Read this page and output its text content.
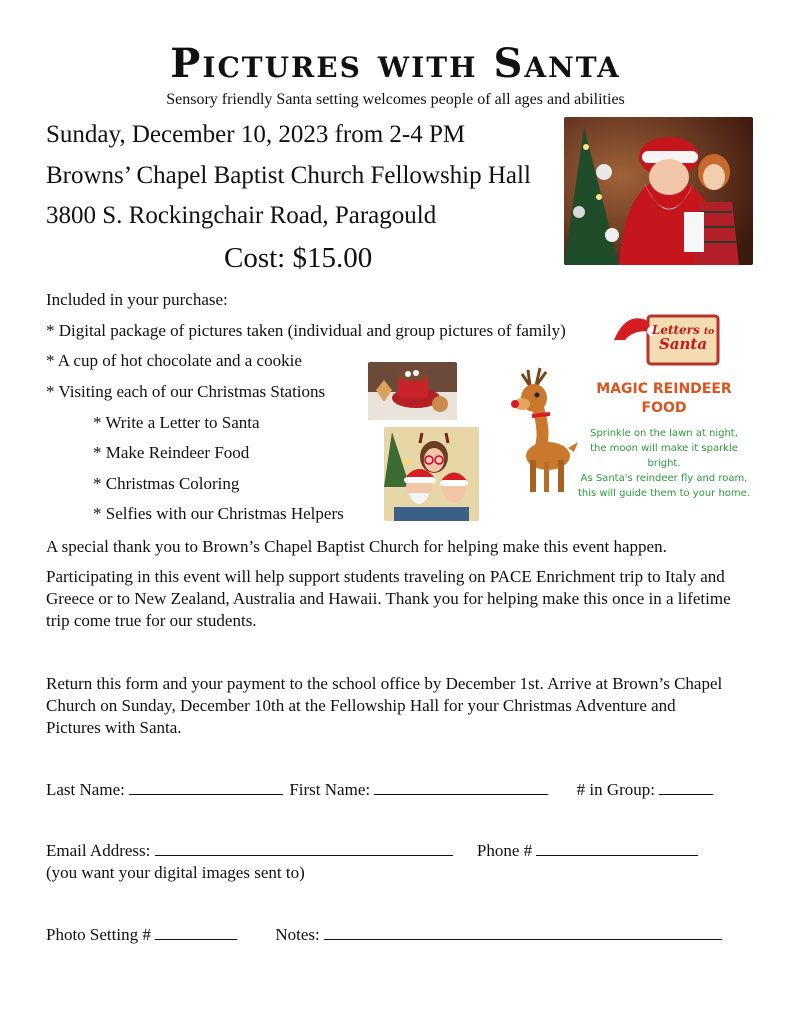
Pictures with Santa
Sensory friendly Santa setting welcomes people of all ages and abilities
Sunday, December 10, 2023 from 2-4 PM
Browns’ Chapel Baptist Church Fellowship Hall
3800 S. Rockingchair Road, Paragould
Cost: $15.00
Included in your purchase:
* Digital package of pictures taken (individual and group pictures of family)
* A cup of hot chocolate and a cookie
* Visiting each of our Christmas Stations
* Write a Letter to Santa
* Make Reindeer Food
* Christmas Coloring
* Selfies with our Christmas Helpers
Letters to
Santa
MAGIC REINDEER
FOOD
Sprinkle on the lawn at night,
the moon will make it sparkle bright.
As Santa's reindeer fly and roam,
this will guide them to your home.
A special thank you to Brown’s Chapel Baptist Church for helping make this event happen.
Participating in this event will help support students traveling on PACE Enrichment trip to Italy and Greece or to New Zealand, Australia and Hawaii. Thank you for helping make this once in a lifetime trip come true for our students.
Return this form and your payment to the school office by December 1st. Arrive at Brown’s Chapel Church on Sunday, December 10th at the Fellowship Hall for your Christmas Adventure and Pictures with Santa.
Last Name:	First Name:	# in Group:
Email Address:	Phone #
(you want your digital images sent to)
Photo Setting #	Notes:
